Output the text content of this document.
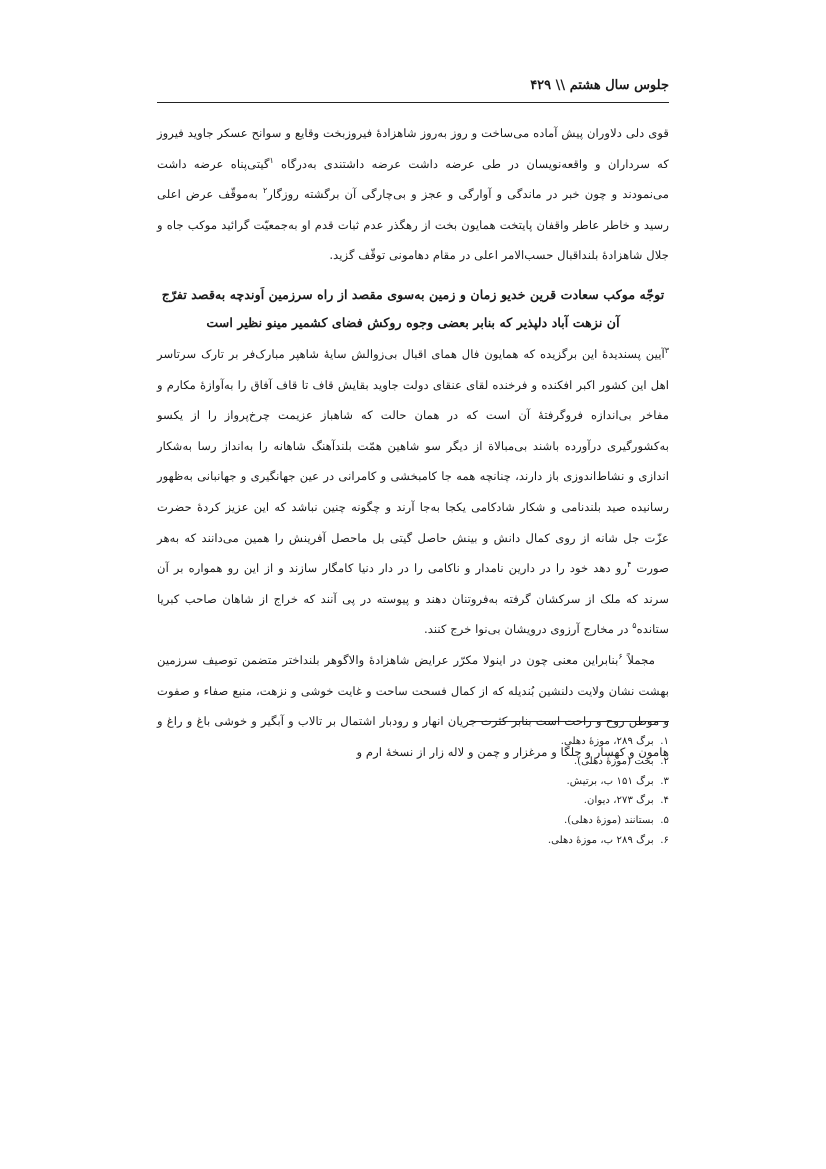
جلوس سال هشتم \\ ۴۲۹

قوی دلی دلاوران پیش آماده می‌ساخت و روز به‌روز شاهزادهٔ فیروزبخت وقایع و سوانح عسکر جاوید فیروز که سرداران و واقعه‌نویسان در طی عرضه داشت عرضه داشتندی به‌درگاه $^۱$گیتی‌پناه عرضه داشت می‌نمودند و چون خبر در ماندگی و آوارگی و عجز و بی‌چارگی آن برگشته روزگار$^۲$ به‌موقّف عرض اعلی رسید و خاطر عاطر واقفان پایتخت همایون بخت از رهگذر عدم ثبات قدم او به‌جمعیّت گرائید موکب جاه و جلال شاهزادهٔ بلنداقبال حسب‌الامر اعلی در مقام دهامونی توقّف گزید.

توجّه موکب سعادت قرین خدیو زمان و زمین به‌سوی مقصد از راه سرزمین اَوندچه به‌قصد تفرّج
آن نزهت آباد دلپذیر که بنابر بعضی وجوه روکش فضای کشمیر مینو نظیر است

$^۳$آیین پسندیدهٔ این برگزیده که همایون فال همای اقبال بی‌زوالش سایهٔ شاهپر مبارک‌فر بر تارک سرتاسر اهل این کشور اکبر افکنده و فرخنده لقای عنقای دولت جاوید بقایش قاف تا قاف آفاق را به‌آوازهٔ مکارم و مفاخر بی‌اندازه فروگرفتهٔ آن است که در همان حالت که شاهباز عزیمت چرخ‌پرواز را از یکسو به‌کشورگیری درآورده باشند بی‌مبالاة از دیگر سو شاهین همّت بلندآهنگ شاهانه را به‌انداز رسا به‌شکار اندازی و نشاط‌اندوزی باز دارند، چنانچه همه جا کامبخشی و کامرانی در عین جهانگیری و جهانبانی به‌ظهور رسانیده صید بلندنامی و شکار شادکامی یکجا به‌جا آرند و چگونه چنین نباشد که این عزیز کردهٔ حضرت عزّت جل شانه از روی کمال دانش و بینش حاصل گیتی بل ماحصل آفرینش را همین می‌دانند که به‌هر صورت $^۴$رو دهد خود را در دارین نامدار و ناکامی را در دار دنیا کامگار سازند و از این رو همواره بر آن سرند که ملک از سرکشان گرفته به‌فروتنان دهند و پیوسته در پی آنند که خراج از شاهان صاحب کبریا ستانده$^۵$ در مخارج آرزوی درویشان بی‌نوا خرج کنند.

مجملاً $^۶$بنابراین معنی چون در اینولا مکرّر عرایض شاهزادهٔ والاگوهر بلنداختر متضمن توصیف سرزمین بهشت نشان ولایت دلنشین بُندیله که از کمال فسحت ساحت و غایت خوشی و نزهت، منبع صفاء و صفوت و موطن روح و راحت است بنابر کثرت جریان انهار و رودبار اشتمال بر تالاب و آبگیر و خوشی باغ و راغ و هامون و کهسار و جلگا و مرغزار و چمن و لاله زار از نسخهٔ ارم و

۱. برگ ۲۸۹، موزهٔ دهلی.
۲. بخت (موزهٔ دهلی).
۳. برگ ۱۵۱ ب، برتیش.
۴. برگ ۲۷۳، دیوان.
۵. بستانند (موزهٔ دهلی).
۶. برگ ۲۸۹ ب، موزهٔ دهلی.
